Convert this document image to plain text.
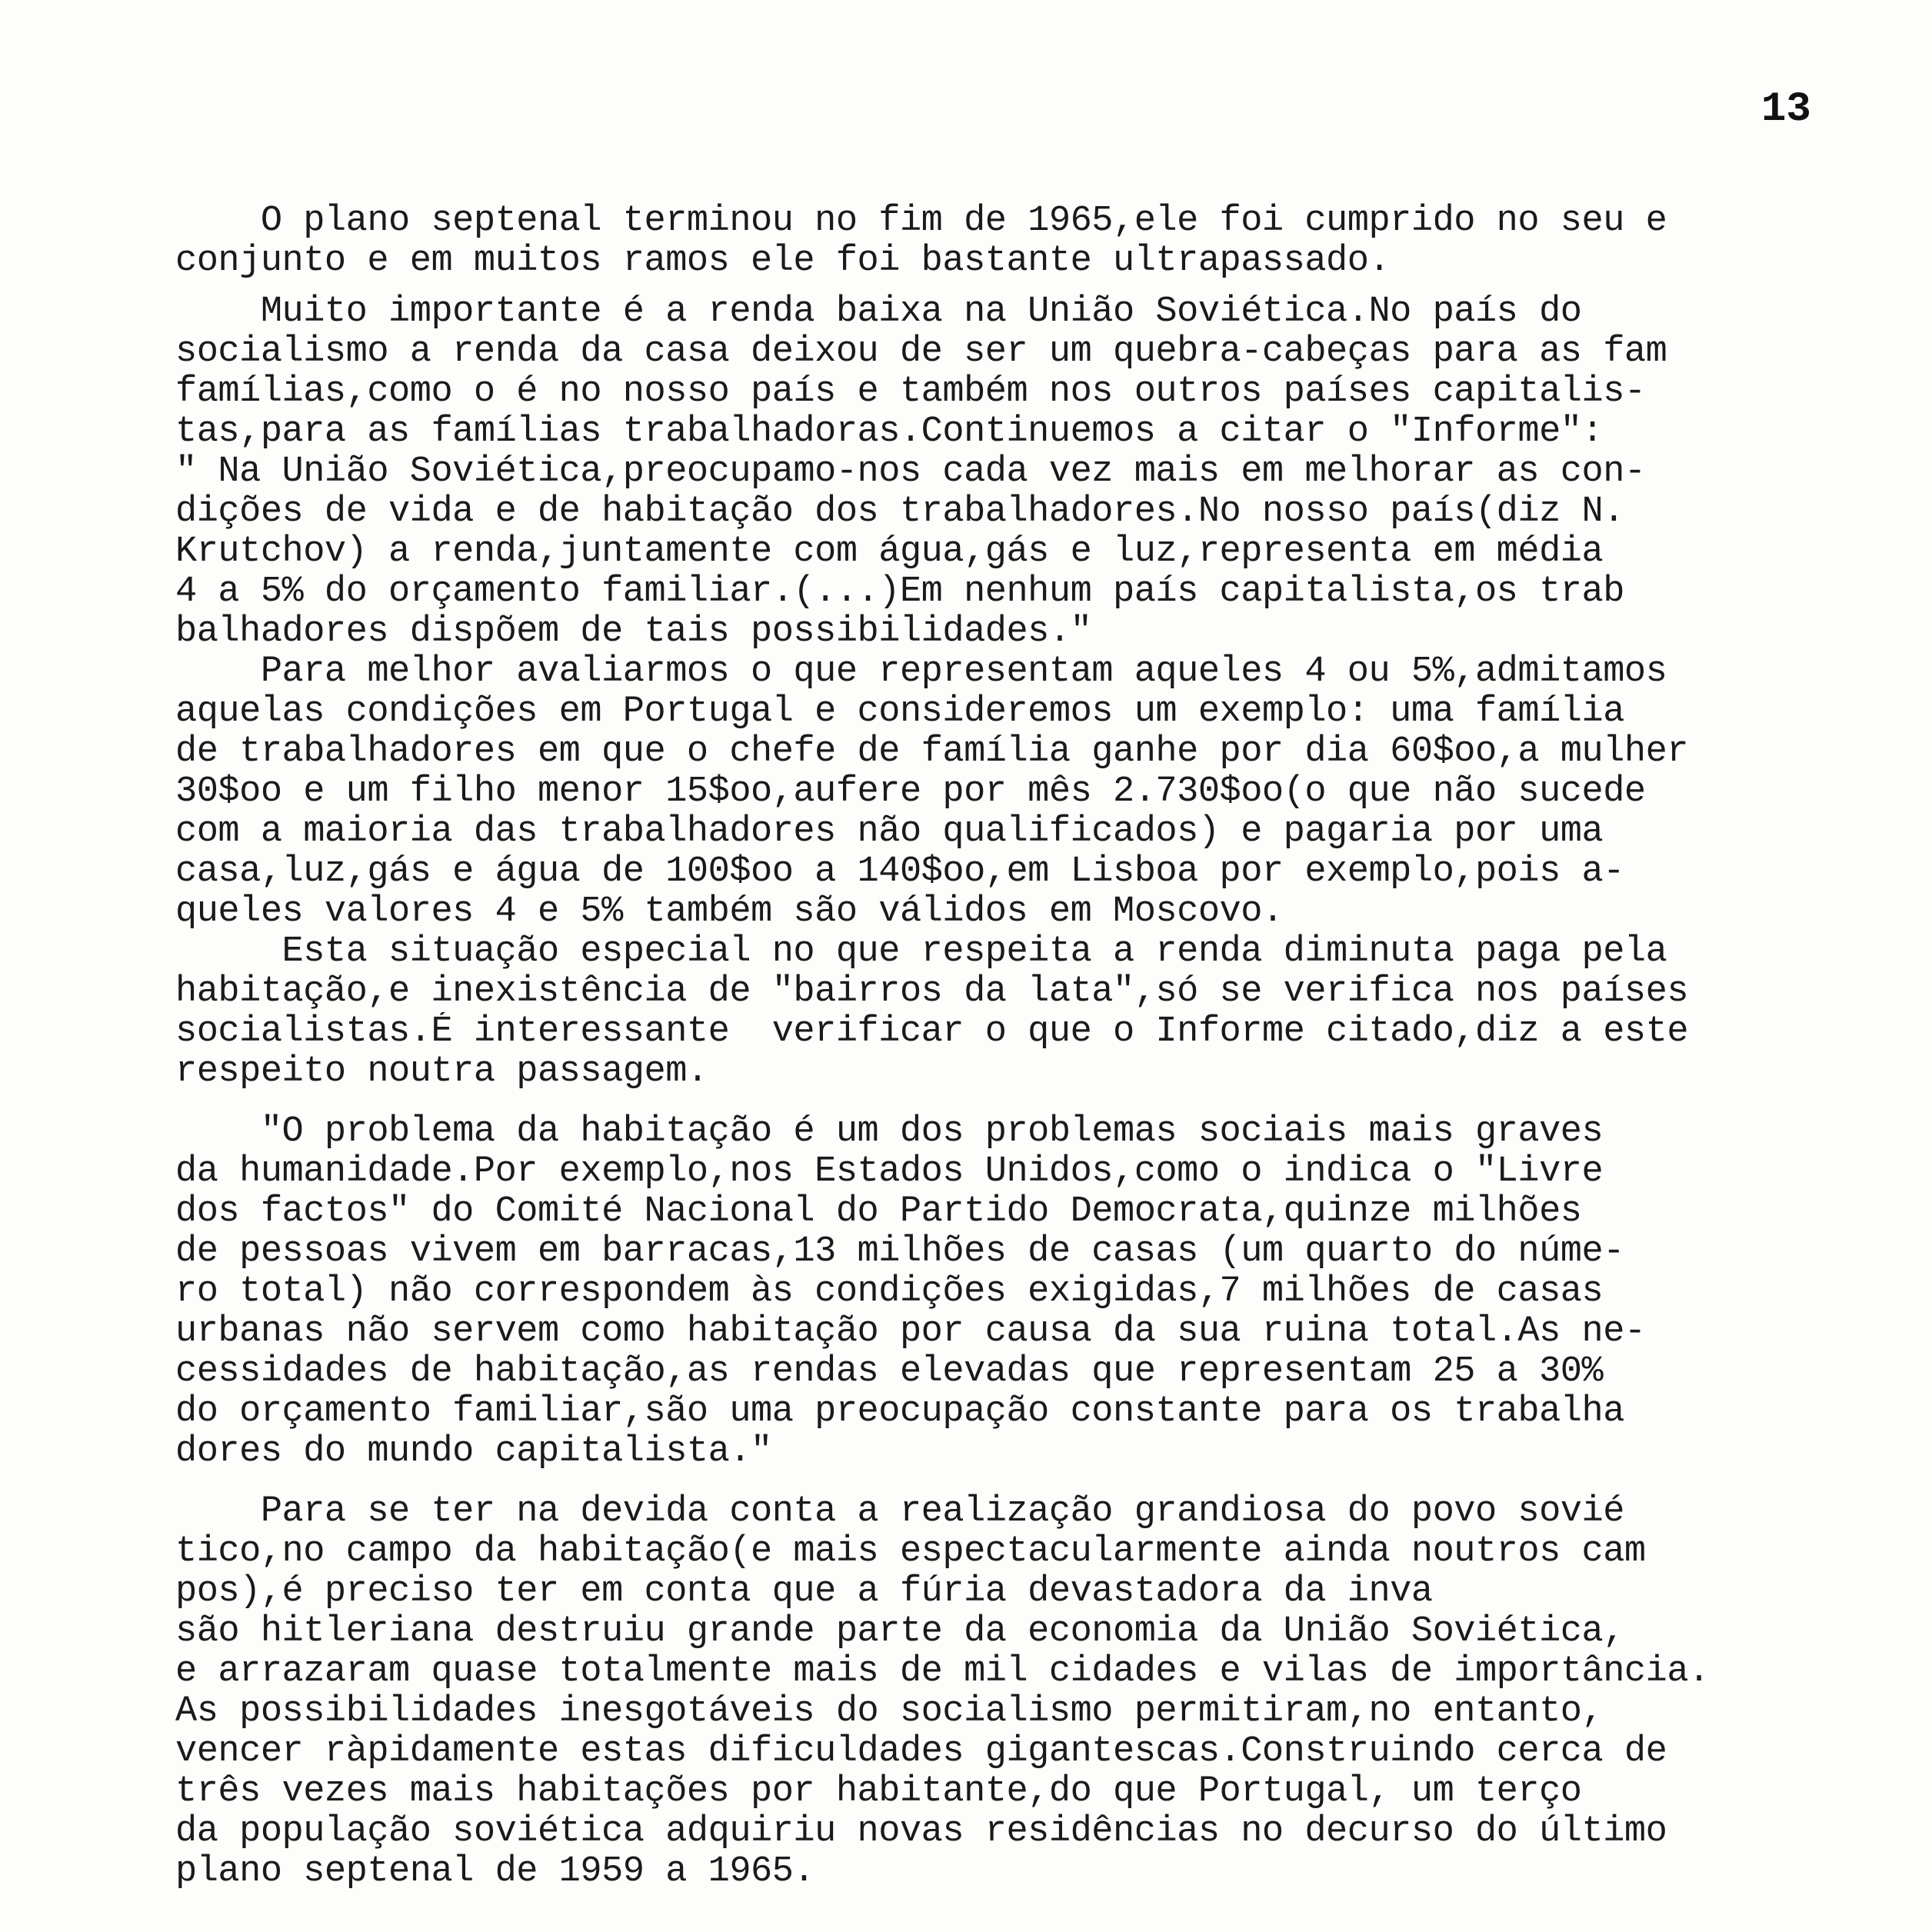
13
O plano septenal terminou no fim de 1965,ele foi cumprido no seu e
conjunto e em muitos ramos ele foi bastante ultrapassado.
Muito importante é a renda baixa na União Soviética.No país do
socialismo a renda da casa deixou de ser um quebra-cabeças para as fam
famílias,como o é no nosso país e também nos outros países capitalis-
tas,para as famílias trabalhadoras.Continuemos a citar o "Informe":
" Na União Soviética,preocupamo-nos cada vez mais em melhorar as con-
dições de vida e de habitação dos trabalhadores.No nosso país(diz N.
Krutchov) a renda,juntamente com água,gás e luz,representa em média
4 a 5% do orçamento familiar.(...)Em nenhum país capitalista,os trab
balhadores dispõem de tais possibilidades."
Para melhor avaliarmos o que representam aqueles 4 ou 5%,admitamos
aquelas condições em Portugal e consideremos um exemplo: uma família
de trabalhadores em que o chefe de família ganhe por dia 60$oo,a mulher
30$oo e um filho menor 15$oo,aufere por mês 2.730$oo(o que não sucede
com a maioria das trabalhadores não qualificados) e pagaria por uma
casa,luz,gás e água de 100$oo a 140$oo,em Lisboa por exemplo,pois a-
queles valores 4 e 5% também são válidos em Moscovo.
Esta situação especial no que respeita a renda diminuta paga pela
habitação,e inexistência de "bairros da lata",só se verifica nos países
socialistas.É interessante  verificar o que o Informe citado,diz a este
respeito noutra passagem.
"O problema da habitação é um dos problemas sociais mais graves
da humanidade.Por exemplo,nos Estados Unidos,como o indica o "Livre
dos factos" do Comité Nacional do Partido Democrata,quinze milhões
de pessoas vivem em barracas,13 milhões de casas (um quarto do núme-
ro total) não correspondem às condições exigidas,7 milhões de casas
urbanas não servem como habitação por causa da sua ruina total.As ne-
cessidades de habitação,as rendas elevadas que representam 25 a 30%
do orçamento familiar,são uma preocupação constante para os trabalha
dores do mundo capitalista."
Para se ter na devida conta a realização grandiosa do povo sovié
tico,no campo da habitação(e mais espectacularmente ainda noutros cam
pos),é preciso ter em conta que a fúria devastadora da inva
são hitleriana destruiu grande parte da economia da União Soviética,
e arrazaram quase totalmente mais de mil cidades e vilas de importância.
As possibilidades inesgotáveis do socialismo permitiram,no entanto,
vencer ràpidamente estas dificuldades gigantescas.Construindo cerca de
três vezes mais habitações por habitante,do que Portugal, um terço
da população soviética adquiriu novas residências no decurso do último
plano septenal de 1959 a 1965.
